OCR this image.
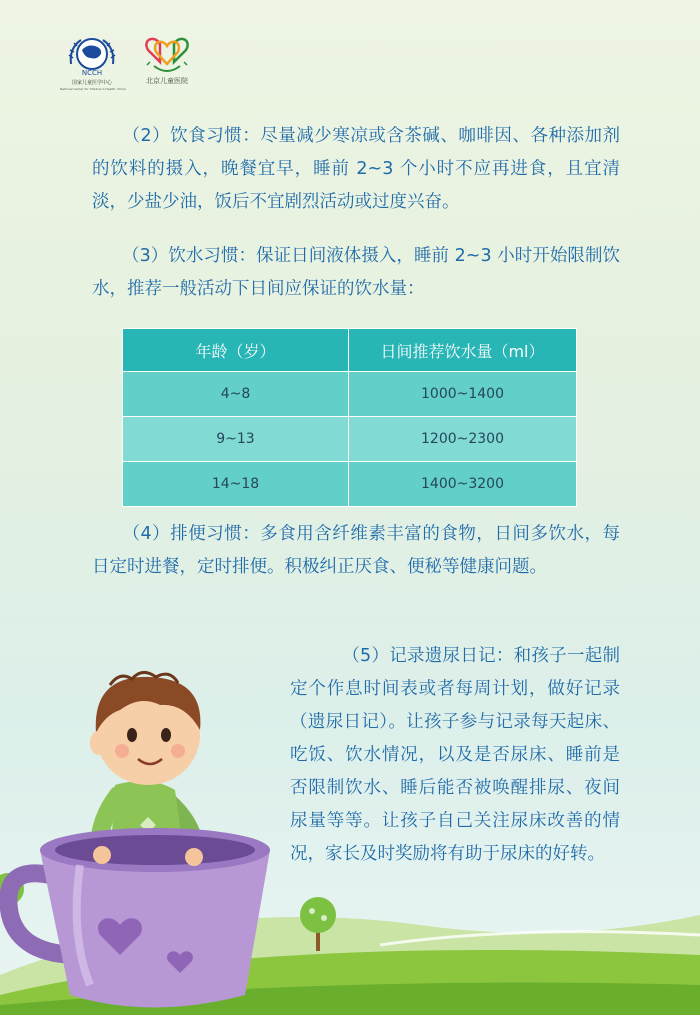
NCCH
国家儿童医学中心
National Center for Children's Health, China
北京儿童医院
（2）饮食习惯：尽量减少寒凉或含茶碱、咖啡因、各种添加剂的饮料的摄入，晚餐宜早，睡前 2~3 个小时不应再进食，且宜清淡，少盐少油，饭后不宜剧烈活动或过度兴奋。
（3）饮水习惯：保证日间液体摄入，睡前 2~3 小时开始限制饮水，推荐一般活动下日间应保证的饮水量：
年龄（岁）	日间推荐饮水量（ml）
4~8	1000~1400
9~13	1200~2300
14~18	1400~3200
（4）排便习惯：多食用含纤维素丰富的食物，日间多饮水，每日定时进餐，定时排便。积极纠正厌食、便秘等健康问题。
（5）记录遗尿日记：和孩子一起制定个作息时间表或者每周计划，做好记录（遗尿日记）。让孩子参与记录每天起床、吃饭、饮水情况，以及是否尿床、睡前是否限制饮水、睡后能否被唤醒排尿、夜间尿量等等。让孩子自己关注尿床改善的情况，家长及时奖励将有助于尿床的好转。
